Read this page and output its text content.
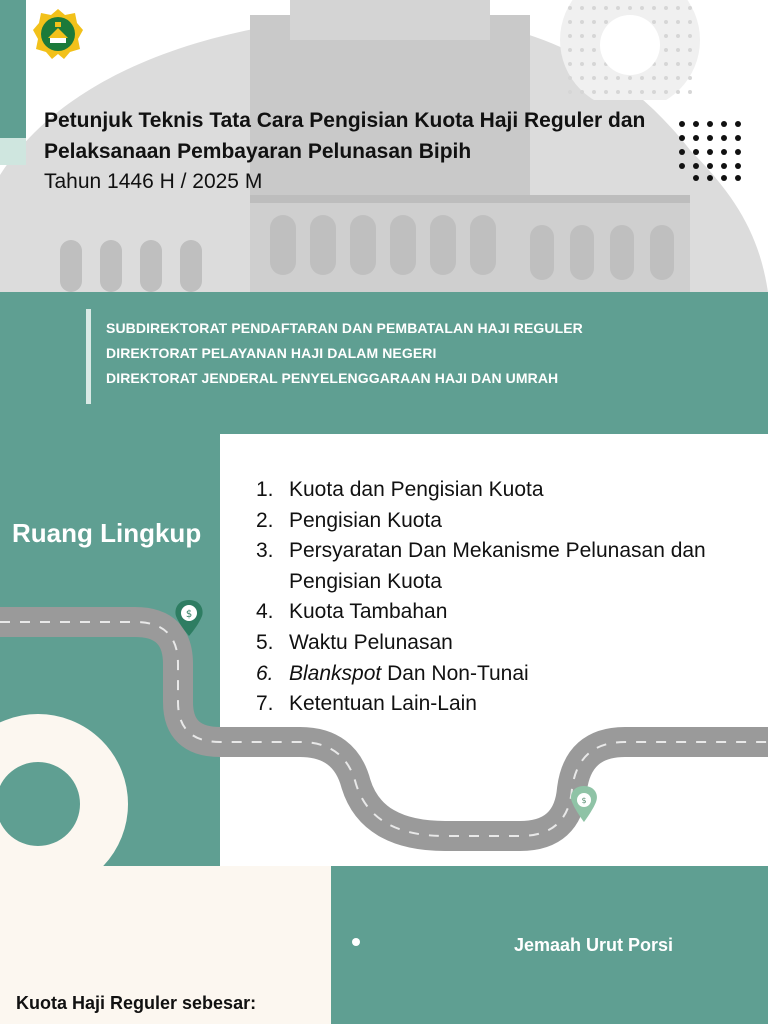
Petunjuk Teknis Tata Cara Pengisian Kuota Haji Reguler dan Pelaksanaan Pembayaran Pelunasan Bipih

Tahun 1446 H / 2025 M

SUBDIREKTORAT PENDAFTARAN DAN PEMBATALAN HAJI REGULER
DIREKTORAT PELAYANAN HAJI DALAM NEGERI
DIREKTORAT JENDERAL PENYELENGGARAAN HAJI DAN UMRAH
$
$
Ruang Lingkup
1. Kuota dan Pengisian Kuota
2. Pengisian Kuota
3. Persyaratan Dan Mekanisme Pelunasan dan Pengisian Kuota
4. Kuota Tambahan
5. Waktu Pelunasan
6. Blankspot Dan Non-Tunai
7. Ketentuan Lain-Lain
Jemaah Urut Porsi
Kuota Haji Reguler sebesar:
